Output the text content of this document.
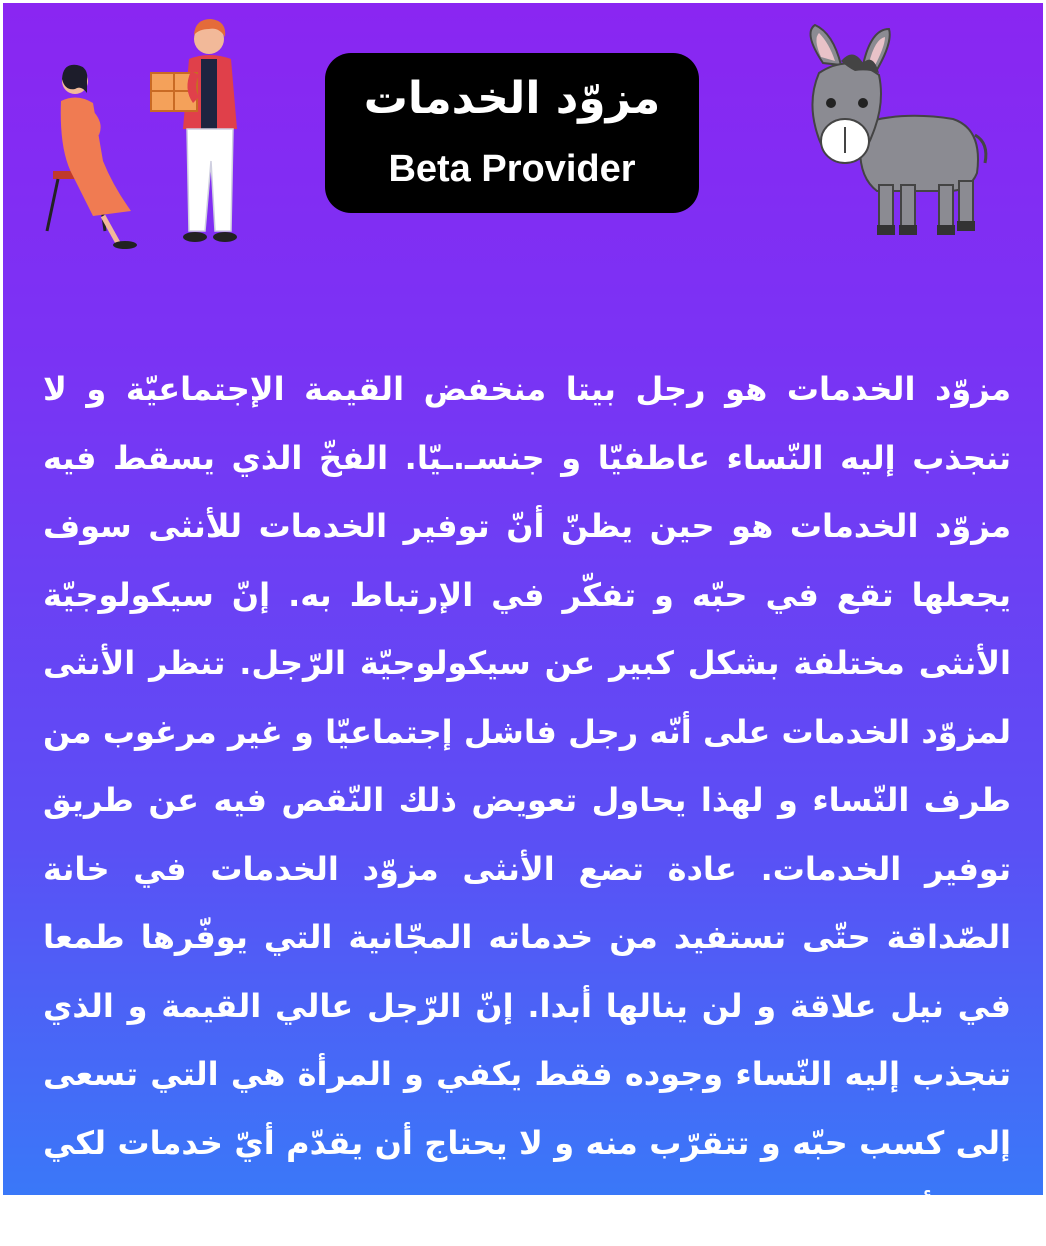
مزوّد الخدمات
Beta Provider
مزوّد الخدمات هو رجل بيتا منخفض القيمة الإجتماعيّة و لا تنجذب إليه النّساء عاطفيّا و جنسـ.ـيّا. الفخّ الذي يسقط فيه مزوّد الخدمات هو حين يظنّ أنّ توفير الخدمات للأنثى سوف يجعلها تقع في حبّه و تفكّر في الإرتباط به. إنّ سيكولوجيّة الأنثى مختلفة بشكل كبير عن سيكولوجيّة الرّجل. تنظر الأنثى لمزوّد الخدمات على أنّه رجل فاشل إجتماعيّا و غير مرغوب من طرف النّساء و لهذا يحاول تعويض ذلك النّقص فيه عن طريق توفير الخدمات. عادة تضع الأنثى مزوّد الخدمات في خانة الصّداقة حتّى تستفيد من خدماته المجّانية التي يوفّرها طمعا في نيل علاقة و لن ينالها أبدا. إنّ الرّجل عالي القيمة و الذي تنجذب إليه النّساء وجوده فقط يكفي و المرأة هي التي تسعى إلى كسب حبّه و تتقرّب منه و لا يحتاج أن يقدّم أيّ خدمات لكي يبيّن أنّه يملك قيمة إجتماعيّة.
